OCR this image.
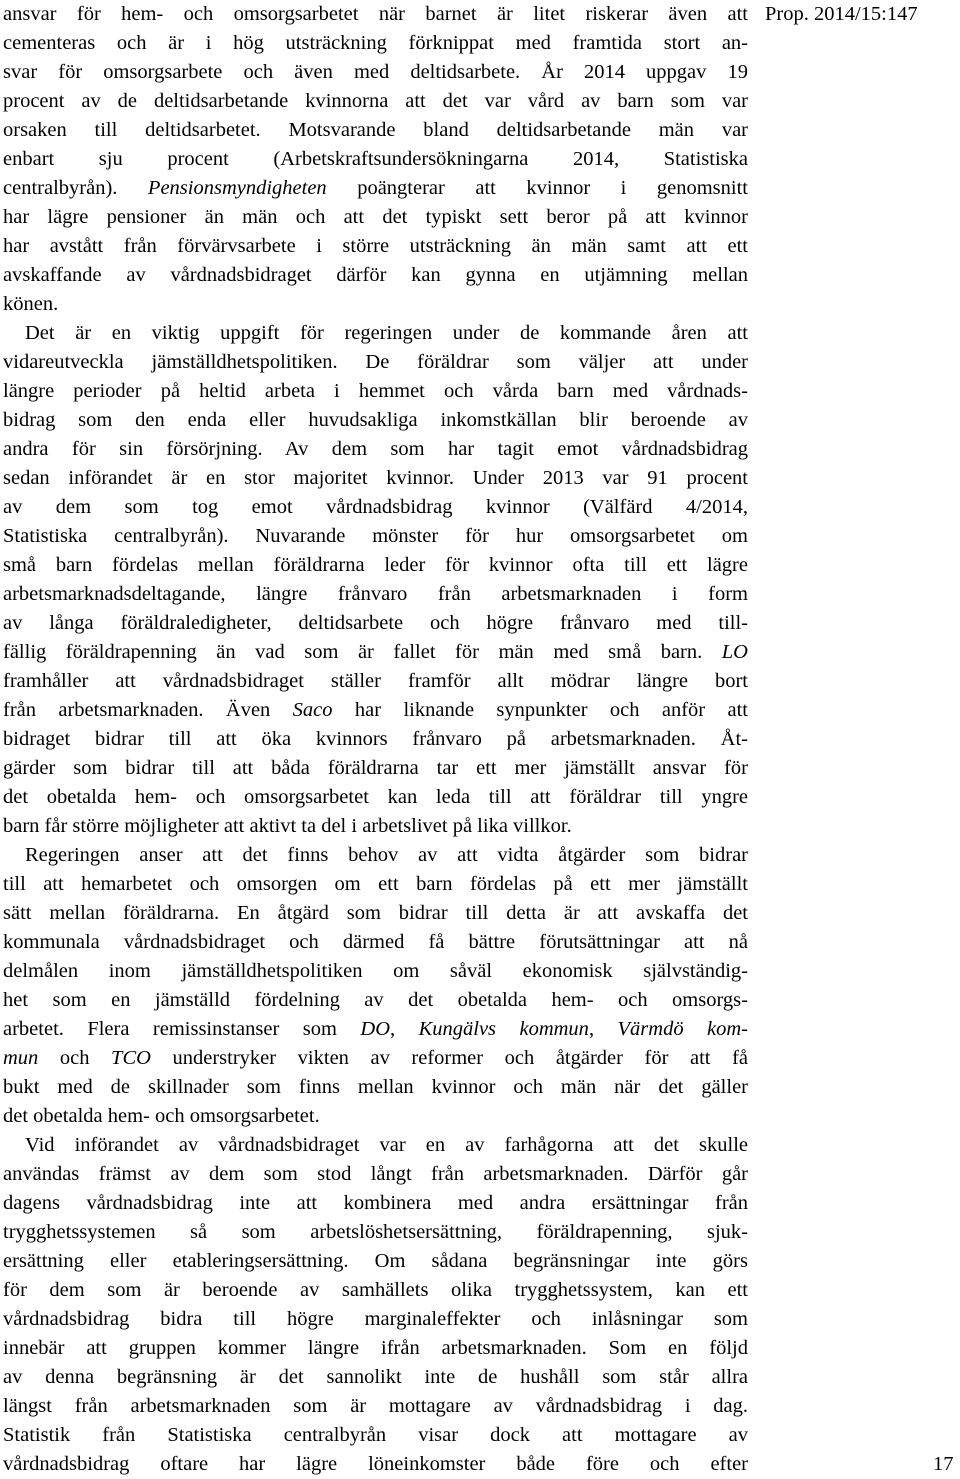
ansvar för hem- och omsorgsarbetet när barnet är litet riskerar även att
cementeras och är i hög utsträckning förknippat med framtida stort an-
svar för omsorgsarbete och även med deltidsarbete. År 2014 uppgav 19
procent av de deltidsarbetande kvinnorna att det var vård av barn som var
orsaken till deltidsarbetet. Motsvarande bland deltidsarbetande män var
enbart sju procent (Arbetskraftsundersökningarna 2014, Statistiska
centralbyrån). Pensionsmyndigheten poängterar att kvinnor i genomsnitt
har lägre pensioner än män och att det typiskt sett beror på att kvinnor
har avstått från förvärvsarbete i större utsträckning än män samt att ett
avskaffande av vårdnadsbidraget därför kan gynna en utjämning mellan
könen.
Det är en viktig uppgift för regeringen under de kommande åren att
vidareutveckla jämställdhetspolitiken. De föräldrar som väljer att under
längre perioder på heltid arbeta i hemmet och vårda barn med vårdnads-
bidrag som den enda eller huvudsakliga inkomstkällan blir beroende av
andra för sin försörjning. Av dem som har tagit emot vårdnadsbidrag
sedan införandet är en stor majoritet kvinnor. Under 2013 var 91 procent
av dem som tog emot vårdnadsbidrag kvinnor (Välfärd 4/2014,
Statistiska centralbyrån). Nuvarande mönster för hur omsorgsarbetet om
små barn fördelas mellan föräldrarna leder för kvinnor ofta till ett lägre
arbetsmarknadsdeltagande, längre frånvaro från arbetsmarknaden i form
av långa föräldraledigheter, deltidsarbete och högre frånvaro med till-
fällig föräldrapenning än vad som är fallet för män med små barn. LO
framhåller att vårdnadsbidraget ställer framför allt mödrar längre bort
från arbetsmarknaden. Även Saco har liknande synpunkter och anför att
bidraget bidrar till att öka kvinnors frånvaro på arbetsmarknaden. Åt-
gärder som bidrar till att båda föräldrarna tar ett mer jämställt ansvar för
det obetalda hem- och omsorgsarbetet kan leda till att föräldrar till yngre
barn får större möjligheter att aktivt ta del i arbetslivet på lika villkor.
Regeringen anser att det finns behov av att vidta åtgärder som bidrar
till att hemarbetet och omsorgen om ett barn fördelas på ett mer jämställt
sätt mellan föräldrarna. En åtgärd som bidrar till detta är att avskaffa det
kommunala vårdnadsbidraget och därmed få bättre förutsättningar att nå
delmålen inom jämställdhetspolitiken om såväl ekonomisk självständig-
het som en jämställd fördelning av det obetalda hem- och omsorgs-
arbetet. Flera remissinstanser som DO, Kungälvs kommun, Värmdö kom-
mun och TCO understryker vikten av reformer och åtgärder för att få
bukt med de skillnader som finns mellan kvinnor och män när det gäller
det obetalda hem- och omsorgsarbetet.
Vid införandet av vårdnadsbidraget var en av farhågorna att det skulle
användas främst av dem som stod långt från arbetsmarknaden. Därför går
dagens vårdnadsbidrag inte att kombinera med andra ersättningar från
trygghetssystemen så som arbetslöshetsersättning, föräldrapenning, sjuk-
ersättning eller etableringsersättning. Om sådana begränsningar inte görs
för dem som är beroende av samhällets olika trygghetssystem, kan ett
vårdnadsbidrag bidra till högre marginaleffekter och inlåsningar som
innebär att gruppen kommer längre ifrån arbetsmarknaden. Som en följd
av denna begränsning är det sannolikt inte de hushåll som står allra
längst från arbetsmarknaden som är mottagare av vårdnadsbidrag i dag.
Statistik från Statistiska centralbyrån visar dock att mottagare av
vårdnadsbidrag oftare har lägre löneinkomster både före och efter
Prop. 2014/15:147
17
